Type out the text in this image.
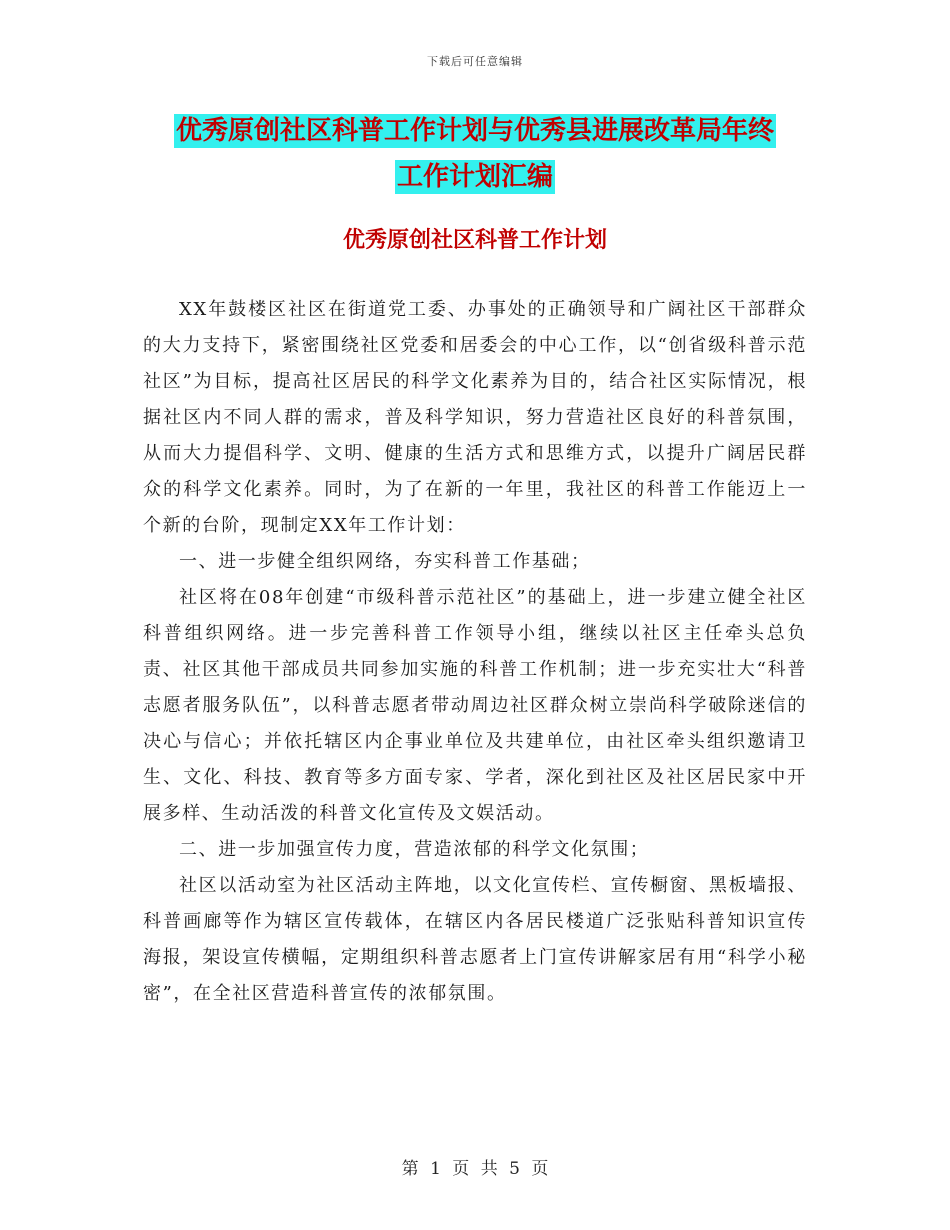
下载后可任意编辑
优秀原创社区科普工作计划与优秀县进展改革局年终
工作计划汇编
优秀原创社区科普工作计划

XX年鼓楼区社区在街道党工委、办事处的正确领导和广阔社区干部群众的大力支持下，紧密围绕社区党委和居委会的中心工作，以“创省级科普示范社区”为目标，提高社区居民的科学文化素养为目的，结合社区实际情况，根据社区内不同人群的需求，普及科学知识，努力营造社区良好的科普氛围，从而大力提倡科学、文明、健康的生活方式和思维方式，以提升广阔居民群众的科学文化素养。同时，为了在新的一年里，我社区的科普工作能迈上一个新的台阶，现制定XX年工作计划：

一、进一步健全组织网络，夯实科普工作基础；

社区将在08年创建“市级科普示范社区”的基础上，进一步建立健全社区科普组织网络。进一步完善科普工作领导小组，继续以社区主任牵头总负责、社区其他干部成员共同参加实施的科普工作机制；进一步充实壮大“科普志愿者服务队伍”，以科普志愿者带动周边社区群众树立崇尚科学破除迷信的决心与信心；并依托辖区内企事业单位及共建单位，由社区牵头组织邀请卫生、文化、科技、教育等多方面专家、学者，深化到社区及社区居民家中开展多样、生动活泼的科普文化宣传及文娱活动。

二、进一步加强宣传力度，营造浓郁的科学文化氛围；

社区以活动室为社区活动主阵地，以文化宣传栏、宣传橱窗、黑板墙报、科普画廊等作为辖区宣传载体，在辖区内各居民楼道广泛张贴科普知识宣传海报，架设宣传横幅，定期组织科普志愿者上门宣传讲解家居有用“科学小秘密”，在全社区营造科普宣传的浓郁氛围。

第 1 页 共 5 页
